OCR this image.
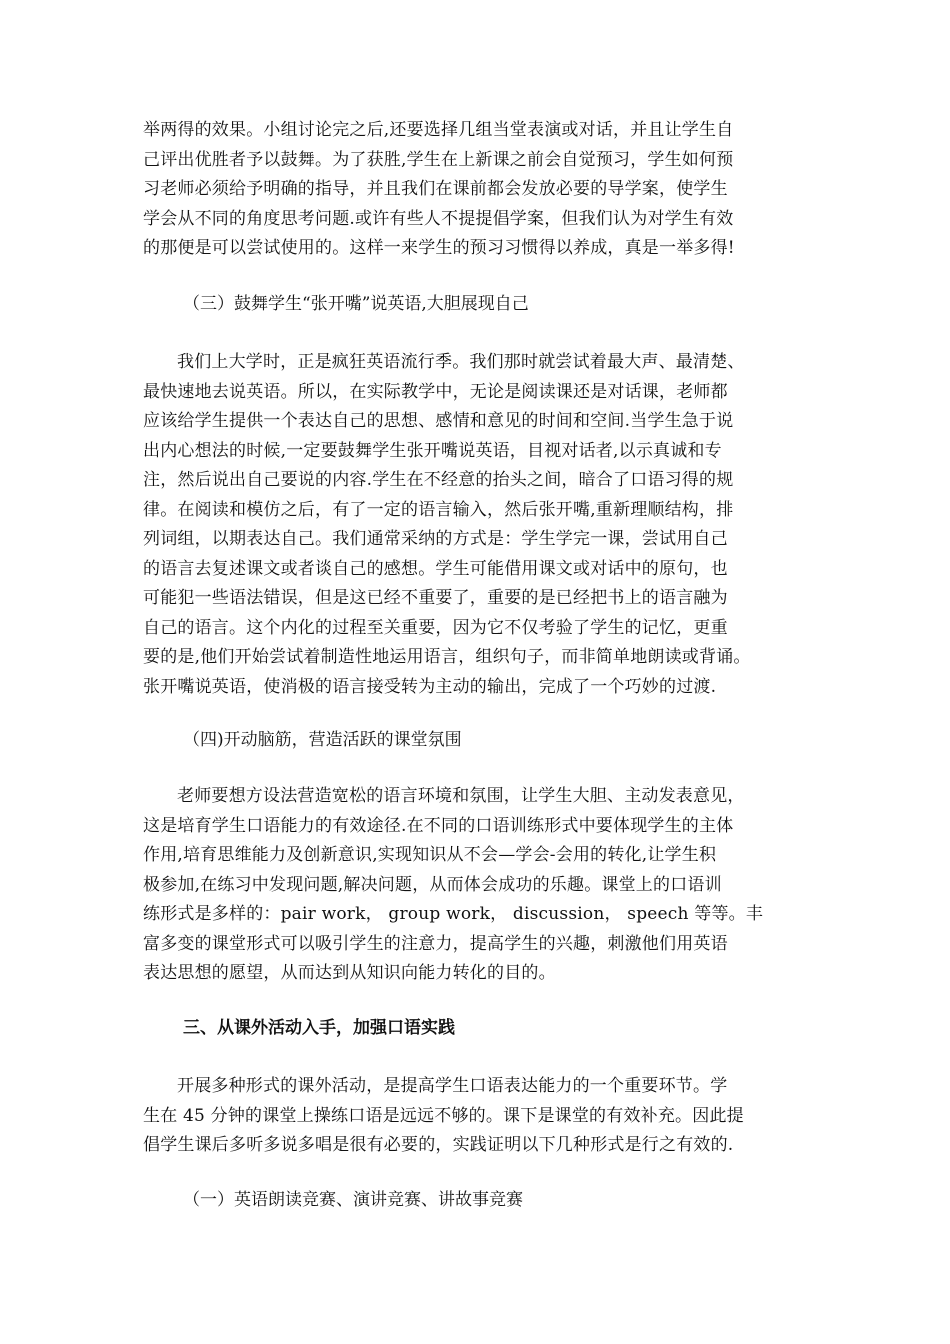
举两得的效果。小组讨论完之后,还要选择几组当堂表演或对话，并且让学生自
己评出优胜者予以鼓舞。为了获胜,学生在上新课之前会自觉预习，学生如何预
习老师必须给予明确的指导，并且我们在课前都会发放必要的导学案，使学生
学会从不同的角度思考问题.或许有些人不提提倡学案，但我们认为对学生有效
的那便是可以尝试使用的。这样一来学生的预习习惯得以养成，真是一举多得!
（三）鼓舞学生“张开嘴”说英语,大胆展现自己
我们上大学时，正是疯狂英语流行季。我们那时就尝试着最大声、最清楚、
最快速地去说英语。所以，在实际教学中，无论是阅读课还是对话课，老师都
应该给学生提供一个表达自己的思想、感情和意见的时间和空间.当学生急于说
出内心想法的时候,一定要鼓舞学生张开嘴说英语，目视对话者,以示真诚和专
注，然后说出自己要说的内容.学生在不经意的抬头之间，暗合了口语习得的规
律。在阅读和模仿之后，有了一定的语言输入，然后张开嘴,重新理顺结构，排
列词组，以期表达自己。我们通常采纳的方式是：学生学完一课，尝试用自己
的语言去复述课文或者谈自己的感想。学生可能借用课文或对话中的原句，也
可能犯一些语法错误，但是这已经不重要了，重要的是已经把书上的语言融为
自己的语言。这个内化的过程至关重要，因为它不仅考验了学生的记忆，更重
要的是,他们开始尝试着制造性地运用语言，组织句子，而非简单地朗读或背诵。
张开嘴说英语，使消极的语言接受转为主动的输出，完成了一个巧妙的过渡.
（四)开动脑筋，营造活跃的课堂氛围
老师要想方设法营造宽松的语言环境和氛围，让学生大胆、主动发表意见，
这是培育学生口语能力的有效途径.在不同的口语训练形式中要体现学生的主体
作用,培育思维能力及创新意识,实现知识从不会—学会-会用的转化,让学生积
极参加,在练习中发现问题,解决问题，从而体会成功的乐趣。课堂上的口语训
练形式是多样的：pair work， group work， discussion， speech 等等。丰
富多变的课堂形式可以吸引学生的注意力，提高学生的兴趣，刺激他们用英语
表达思想的愿望，从而达到从知识向能力转化的目的。
三、从课外活动入手，加强口语实践
开展多种形式的课外活动，是提高学生口语表达能力的一个重要环节。学
生在 45 分钟的课堂上操练口语是远远不够的。课下是课堂的有效补充。因此提
倡学生课后多听多说多唱是很有必要的，实践证明以下几种形式是行之有效的.
（一）英语朗读竞赛、演讲竞赛、讲故事竞赛
